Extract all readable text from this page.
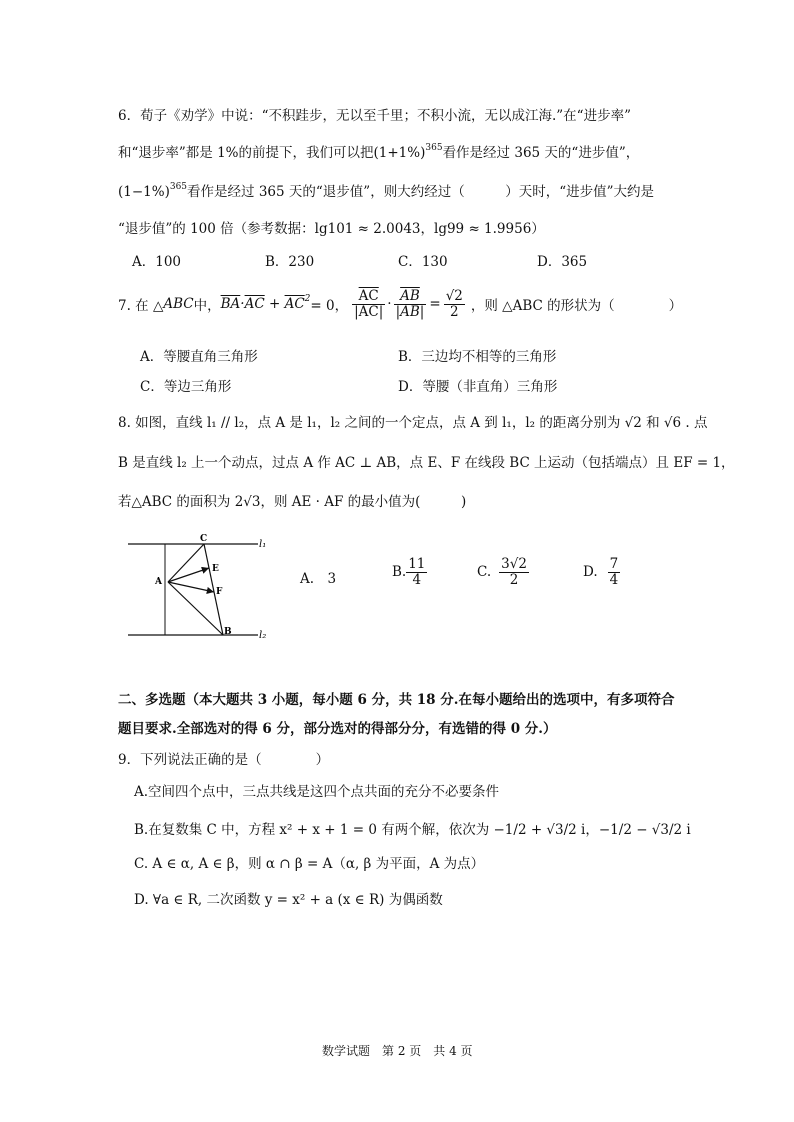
6．荀子《劝学》中说：“不积跬步，无以至千里；不积小流，无以成江海.”在“进步率”
和“退步率”都是 1%的前提下，我们可以把$(1+1\%)^{365}$看作是经过 365 天的“进步值”，
$(1-1\%)^{365}$看作是经过 365 天的“退步值”，则大约经过（　　　）天时，“进步值”大约是
“退步值”的 100 倍（参考数据：lg101 ≈ 2.0043，lg99 ≈ 1.9956）
A．100	B．230	C．130	D．365
7. 在 △ ABC 中， $\overline{BA}\cdot\overline{AC} + \overline{AC}^2 = 0$， $\frac{\overline{AC}}{|AC|} \cdot \frac{\overline{AB}}{|AB|} = \frac{√2}{2}$ ，则 △ABC 的形状为（　　　　）
A．等腰直角三角形	B．三边均不相等的三角形
C．等边三角形	D．等腰（非直角）三角形
8. 如图，直线 l₁ // l₂，点 A 是 l₁，l₂ 之间的一个定点，点 A 到 l₁，l₂ 的距离分别为 √2 和 √6 . 点
B 是直线 l₂ 上一个动点，过点 A 作 AC ⊥ AB，点 E、F 在线段 BC 上运动（包括端点）且 EF = 1，
若△ABC 的面积为 2√3，则 AE · AF 的最小值为(　　　)
C
E
A
F
B
l₁
l₂
A.　3	B. $\frac{11}{4}$	C. $\frac{3√2}{2}$	D. $\frac{7}{4}$
二、多选题（本大题共 3 小题，每小题 6 分，共 18 分.在每小题给出的选项中，有多项符合
题目要求.全部选对的得 6 分，部分选对的得部分分，有选错的得 0 分.）
9．下列说法正确的是（　　　　）
A.空间四个点中，三点共线是这四个点共面的充分不必要条件
B.在复数集 C 中，方程 x² + x + 1 = 0 有两个解，依次为 −1/2 + √3/2 i，−1/2 − √3/2 i
C. A ∈ α, A ∈ β，则 α ∩ β = A（α, β 为平面，A 为点）
D. ∀a ∈ R, 二次函数 y = x² + a (x ∈ R) 为偶函数
数学试题　第 2 页　共 4 页
